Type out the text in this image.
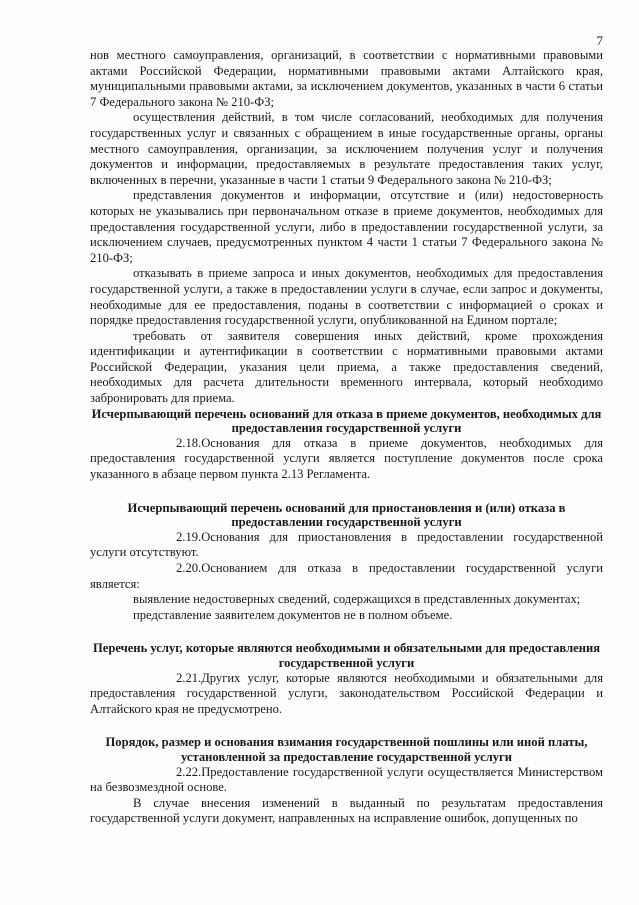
7

нов местного самоуправления, организаций, в соответствии с нормативными правовыми актами Российской Федерации, нормативными правовыми актами Алтайского края, муниципальными правовыми актами, за исключением документов, указанных в части 6 статьи 7 Федерального закона № 210-ФЗ;

осуществления действий, в том числе согласований, необходимых для получения государственных услуг и связанных с обращением в иные государственные органы, органы местного самоуправления, организации, за исключением получения услуг и получения документов и информации, предоставляемых в результате предоставления таких услуг, включенных в перечни, указанные в части 1 статьи 9 Федерального закона № 210-ФЗ;

представления документов и информации, отсутствие и (или) недостоверность которых не указывались при первоначальном отказе в приеме документов, необходимых для предоставления государственной услуги, либо в предоставлении государственной услуги, за исключением случаев, предусмотренных пунктом 4 части 1 статьи 7 Федерального закона № 210-ФЗ;

отказывать в приеме запроса и иных документов, необходимых для предоставления государственной услуги, а также в предоставлении услуги в случае, если запрос и документы, необходимые для ее предоставления, поданы в соответствии с информацией о сроках и порядке предоставления государственной услуги, опубликованной на Едином портале;

требовать от заявителя совершения иных действий, кроме прохождения идентификации и аутентификации в соответствии с нормативными правовыми актами Российской Федерации, указания цели приема, а также предоставления сведений, необходимых для расчета длительности временного интервала, который необходимо забронировать для приема.

Исчерпывающий перечень оснований для отказа в приеме документов, необходимых для предоставления государственной услуги

2.18.Основания для отказа в приеме документов, необходимых для предоставления государственной услуги является поступление документов после срока указанного в абзаце первом пункта 2.13 Регламента.

Исчерпывающий перечень оснований для приостановления и (или) отказа в предоставлении государственной услуги

2.19.Основания для приостановления в предоставлении государственной услуги отсутствуют.

2.20.Основанием для отказа в предоставлении государственной услуги является:

выявление недостоверных сведений, содержащихся в представленных документах;

представление заявителем документов не в полном объеме.

Перечень услуг, которые являются необходимыми и обязательными для предоставления государственной услуги

2.21.Других услуг, которые являются необходимыми и обязательными для предоставления государственной услуги, законодательством Российской Федерации и Алтайского края не предусмотрено.

Порядок, размер и основания взимания государственной пошлины или иной платы, установленной за предоставление государственной услуги

2.22.Предоставление государственной услуги осуществляется Министерством на безвозмездной основе.

В случае внесения изменений в выданный по результатам предоставления государственной услуги документ, направленных на исправление ошибок, допущенных по
